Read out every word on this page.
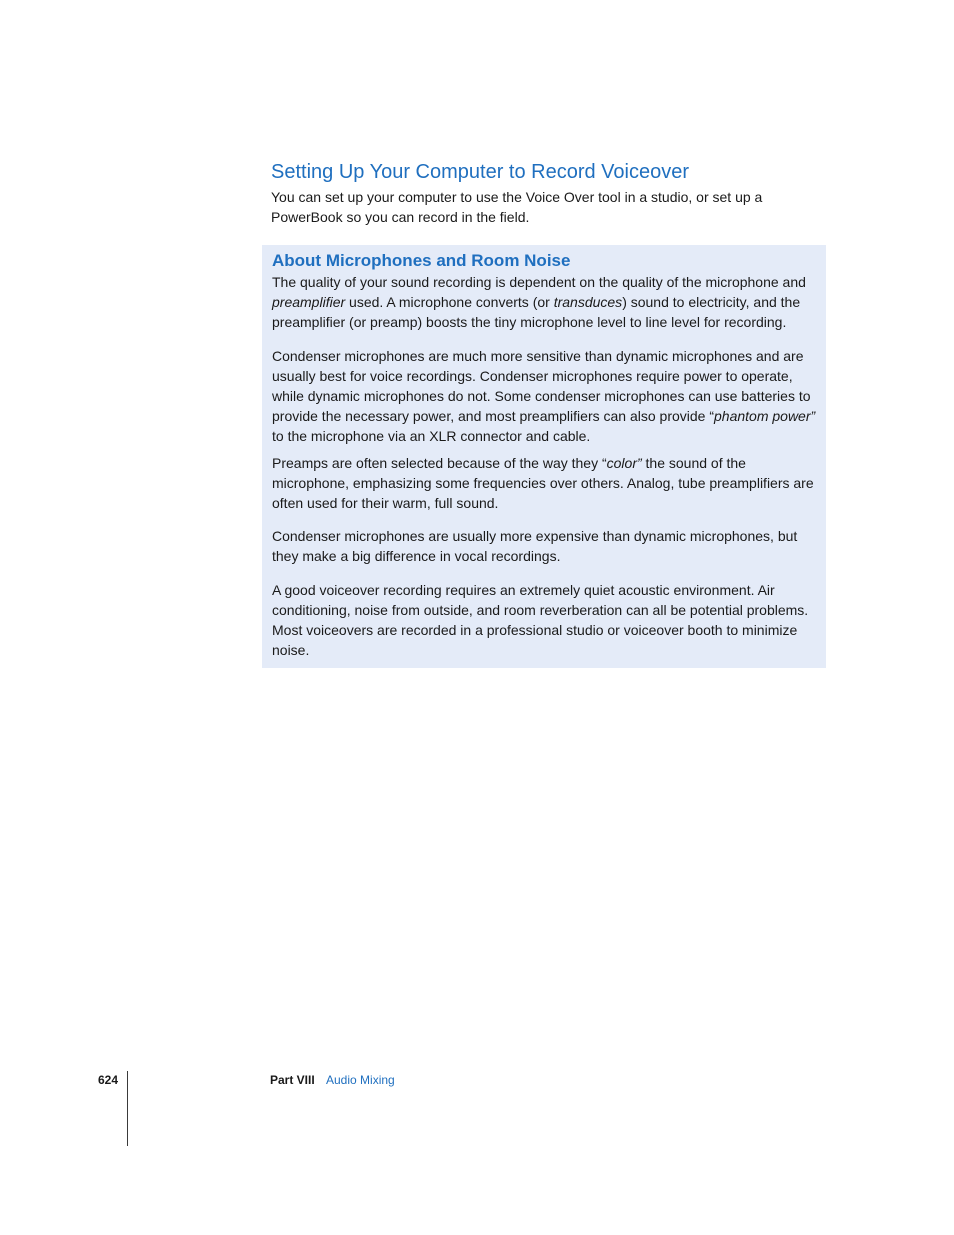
Setting Up Your Computer to Record Voiceover

You can set up your computer to use the Voice Over tool in a studio, or set up a PowerBook so you can record in the field.

About Microphones and Room Noise

The quality of your sound recording is dependent on the quality of the microphone and preamplifier used. A microphone converts (or transduces) sound to electricity, and the preamplifier (or preamp) boosts the tiny microphone level to line level for recording.

Condenser microphones are much more sensitive than dynamic microphones and are usually best for voice recordings. Condenser microphones require power to operate, while dynamic microphones do not. Some condenser microphones can use batteries to provide the necessary power, and most preamplifiers can also provide “phantom power” to the microphone via an XLR connector and cable.

Preamps are often selected because of the way they “color” the sound of the microphone, emphasizing some frequencies over others. Analog, tube preamplifiers are often used for their warm, full sound.

Condenser microphones are usually more expensive than dynamic microphones, but they make a big difference in vocal recordings.

A good voiceover recording requires an extremely quiet acoustic environment. Air conditioning, noise from outside, and room reverberation can all be potential problems. Most voiceovers are recorded in a professional studio or voiceover booth to minimize noise.

624	Part VIII Audio Mixing
